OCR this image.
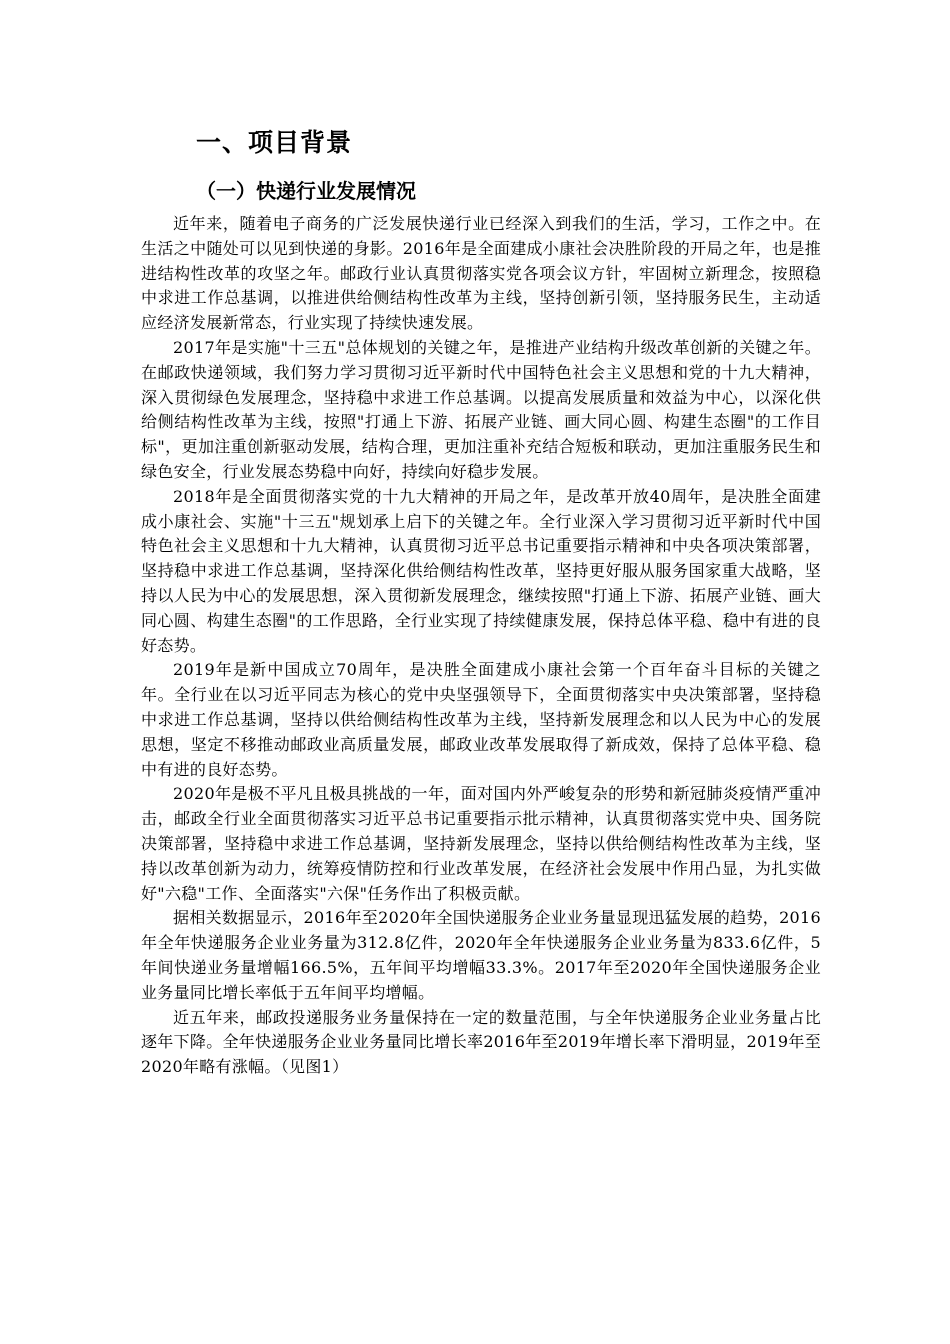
一、项目背景
（一）快递行业发展情况

近年来，随着电子商务的广泛发展快递行业已经深入到我们的生活，学习，工作之中。在生活之中随处可以见到快递的身影。2016年是全面建成小康社会决胜阶段的开局之年，也是推进结构性改革的攻坚之年。邮政行业认真贯彻落实党各项会议方针，牢固树立新理念，按照稳中求进工作总基调，以推进供给侧结构性改革为主线，坚持创新引领，坚持服务民生，主动适应经济发展新常态，行业实现了持续快速发展。

2017年是实施"十三五"总体规划的关键之年，是推进产业结构升级改革创新的关键之年。在邮政快递领域，我们努力学习贯彻习近平新时代中国特色社会主义思想和党的十九大精神，深入贯彻绿色发展理念，坚持稳中求进工作总基调。以提高发展质量和效益为中心，以深化供给侧结构性改革为主线，按照"打通上下游、拓展产业链、画大同心圆、构建生态圈"的工作目标"，更加注重创新驱动发展，结构合理，更加注重补充结合短板和联动，更加注重服务民生和绿色安全，行业发展态势稳中向好，持续向好稳步发展。

2018年是全面贯彻落实党的十九大精神的开局之年，是改革开放40周年，是决胜全面建成小康社会、实施"十三五"规划承上启下的关键之年。全行业深入学习贯彻习近平新时代中国特色社会主义思想和十九大精神，认真贯彻习近平总书记重要指示精神和中央各项决策部署，坚持稳中求进工作总基调，坚持深化供给侧结构性改革，坚持更好服从服务国家重大战略，坚持以人民为中心的发展思想，深入贯彻新发展理念，继续按照"打通上下游、拓展产业链、画大同心圆、构建生态圈"的工作思路，全行业实现了持续健康发展，保持总体平稳、稳中有进的良好态势。

2019年是新中国成立70周年，是决胜全面建成小康社会第一个百年奋斗目标的关键之年。全行业在以习近平同志为核心的党中央坚强领导下，全面贯彻落实中央决策部署，坚持稳中求进工作总基调，坚持以供给侧结构性改革为主线，坚持新发展理念和以人民为中心的发展思想，坚定不移推动邮政业高质量发展，邮政业改革发展取得了新成效，保持了总体平稳、稳中有进的良好态势。

2020年是极不平凡且极具挑战的一年，面对国内外严峻复杂的形势和新冠肺炎疫情严重冲击，邮政全行业全面贯彻落实习近平总书记重要指示批示精神，认真贯彻落实党中央、国务院决策部署，坚持稳中求进工作总基调，坚持新发展理念，坚持以供给侧结构性改革为主线，坚持以改革创新为动力，统筹疫情防控和行业改革发展，在经济社会发展中作用凸显，为扎实做好"六稳"工作、全面落实"六保"任务作出了积极贡献。

据相关数据显示，2016年至2020年全国快递服务企业业务量显现迅猛发展的趋势，2016年全年快递服务企业业务量为312.8亿件，2020年全年快递服务企业业务量为833.6亿件，5年间快递业务量增幅166.5%，五年间平均增幅33.3%。2017年至2020年全国快递服务企业业务量同比增长率低于五年间平均增幅。

近五年来，邮政投递服务业务量保持在一定的数量范围，与全年快递服务企业业务量占比逐年下降。全年快递服务企业业务量同比增长率2016年至2019年增长率下滑明显，2019年至2020年略有涨幅。（见图1）
